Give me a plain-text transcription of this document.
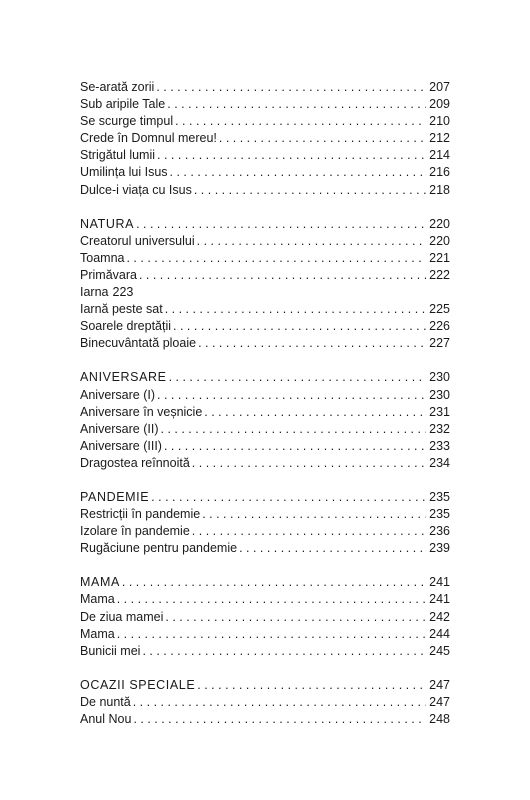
Se-arată zorii . . .	207
Sub aripile Tale . . .	209
Se scurge timpul . . .	210
Crede în Domnul mereu! . . .	212
Strigătul lumii . . .	214
Umilința lui Isus . . .	216
Dulce-i viața cu Isus . . .	218
NATURA . . .	220
Creatorul universului . . .	220
Toamna . . .	221
Primăvara . . .	222
Iarna 223
Iarnă peste sat . . .	225
Soarele dreptății . . .	226
Binecuvântată ploaie . . .	227
ANIVERSARE . . .	230
Aniversare (I) . . .	230
Aniversare în veșnicie . . .	231
Aniversare (II) . . .	232
Aniversare (III) . . .	233
Dragostea reînnoită . . .	234
PANDEMIE . . .	235
Restricții în pandemie . . .	235
Izolare în pandemie . . .	236
Rugăciune pentru pandemie . . .	239
MAMA . . .	241
Mama . . .	241
De ziua mamei . . .	242
Mama . . .	244
Bunicii mei . . .	245
OCAZII SPECIALE . . .	247
De nuntă . . .	247
Anul Nou . . .	248
